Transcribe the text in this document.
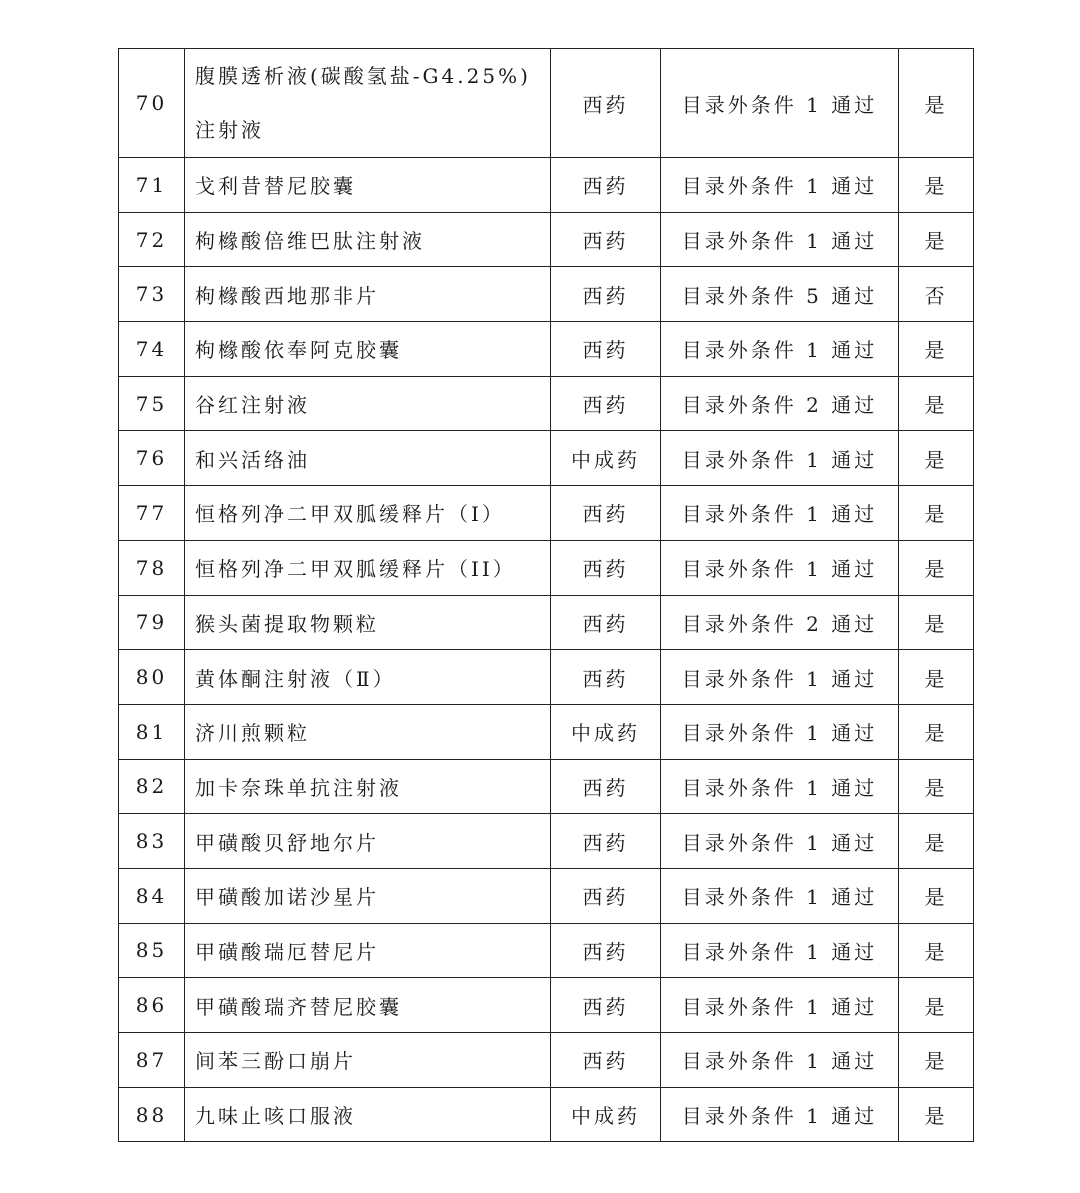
70	腹膜透析液(碳酸氢盐-G4.25%)注射液	西药	目录外条件 1 通过	是
71	戈利昔替尼胶囊	西药	目录外条件 1 通过	是
72	枸橼酸倍维巴肽注射液	西药	目录外条件 1 通过	是
73	枸橼酸西地那非片	西药	目录外条件 5 通过	否
74	枸橼酸依奉阿克胶囊	西药	目录外条件 1 通过	是
75	谷红注射液	西药	目录外条件 2 通过	是
76	和兴活络油	中成药	目录外条件 1 通过	是
77	恒格列净二甲双胍缓释片（I）	西药	目录外条件 1 通过	是
78	恒格列净二甲双胍缓释片（II）	西药	目录外条件 1 通过	是
79	猴头菌提取物颗粒	西药	目录外条件 2 通过	是
80	黄体酮注射液（Ⅱ）	西药	目录外条件 1 通过	是
81	济川煎颗粒	中成药	目录外条件 1 通过	是
82	加卡奈珠单抗注射液	西药	目录外条件 1 通过	是
83	甲磺酸贝舒地尔片	西药	目录外条件 1 通过	是
84	甲磺酸加诺沙星片	西药	目录外条件 1 通过	是
85	甲磺酸瑞厄替尼片	西药	目录外条件 1 通过	是
86	甲磺酸瑞齐替尼胶囊	西药	目录外条件 1 通过	是
87	间苯三酚口崩片	西药	目录外条件 1 通过	是
88	九味止咳口服液	中成药	目录外条件 1 通过	是
